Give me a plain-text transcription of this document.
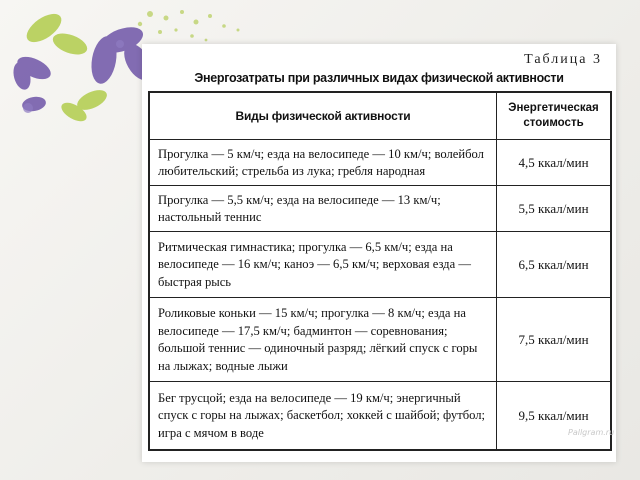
Таблица 3
Энергозатраты при различных видах физической активности
Виды физической активности
Энергетическая стоимость
Прогулка — 5 км/ч; езда на велосипеде — 10 км/ч; волейбол любительский; стрельба из лука; гребля народная
4,5 ккал/мин
Прогулка — 5,5 км/ч; езда на велосипеде — 13 км/ч; настольный теннис
5,5 ккал/мин
Ритмическая гимнастика; прогулка — 6,5 км/ч; езда на велосипеде — 16 км/ч; каноэ — 6,5 км/ч; верховая езда — быстрая рысь
6,5 ккал/мин
Роликовые коньки — 15 км/ч; прогулка — 8 км/ч; езда на велосипеде — 17,5 км/ч; бадминтон — соревнования; большой теннис — одиночный разряд; лёгкий спуск с горы на лыжах; водные лыжи
7,5 ккал/мин
Бег трусцой; езда на велосипеде — 19 км/ч; энергичный спуск с горы на лыжах; баскетбол; хоккей с шайбой; футбол; игра с мячом в воде
9,5 ккал/мин
Pallgram.ru
